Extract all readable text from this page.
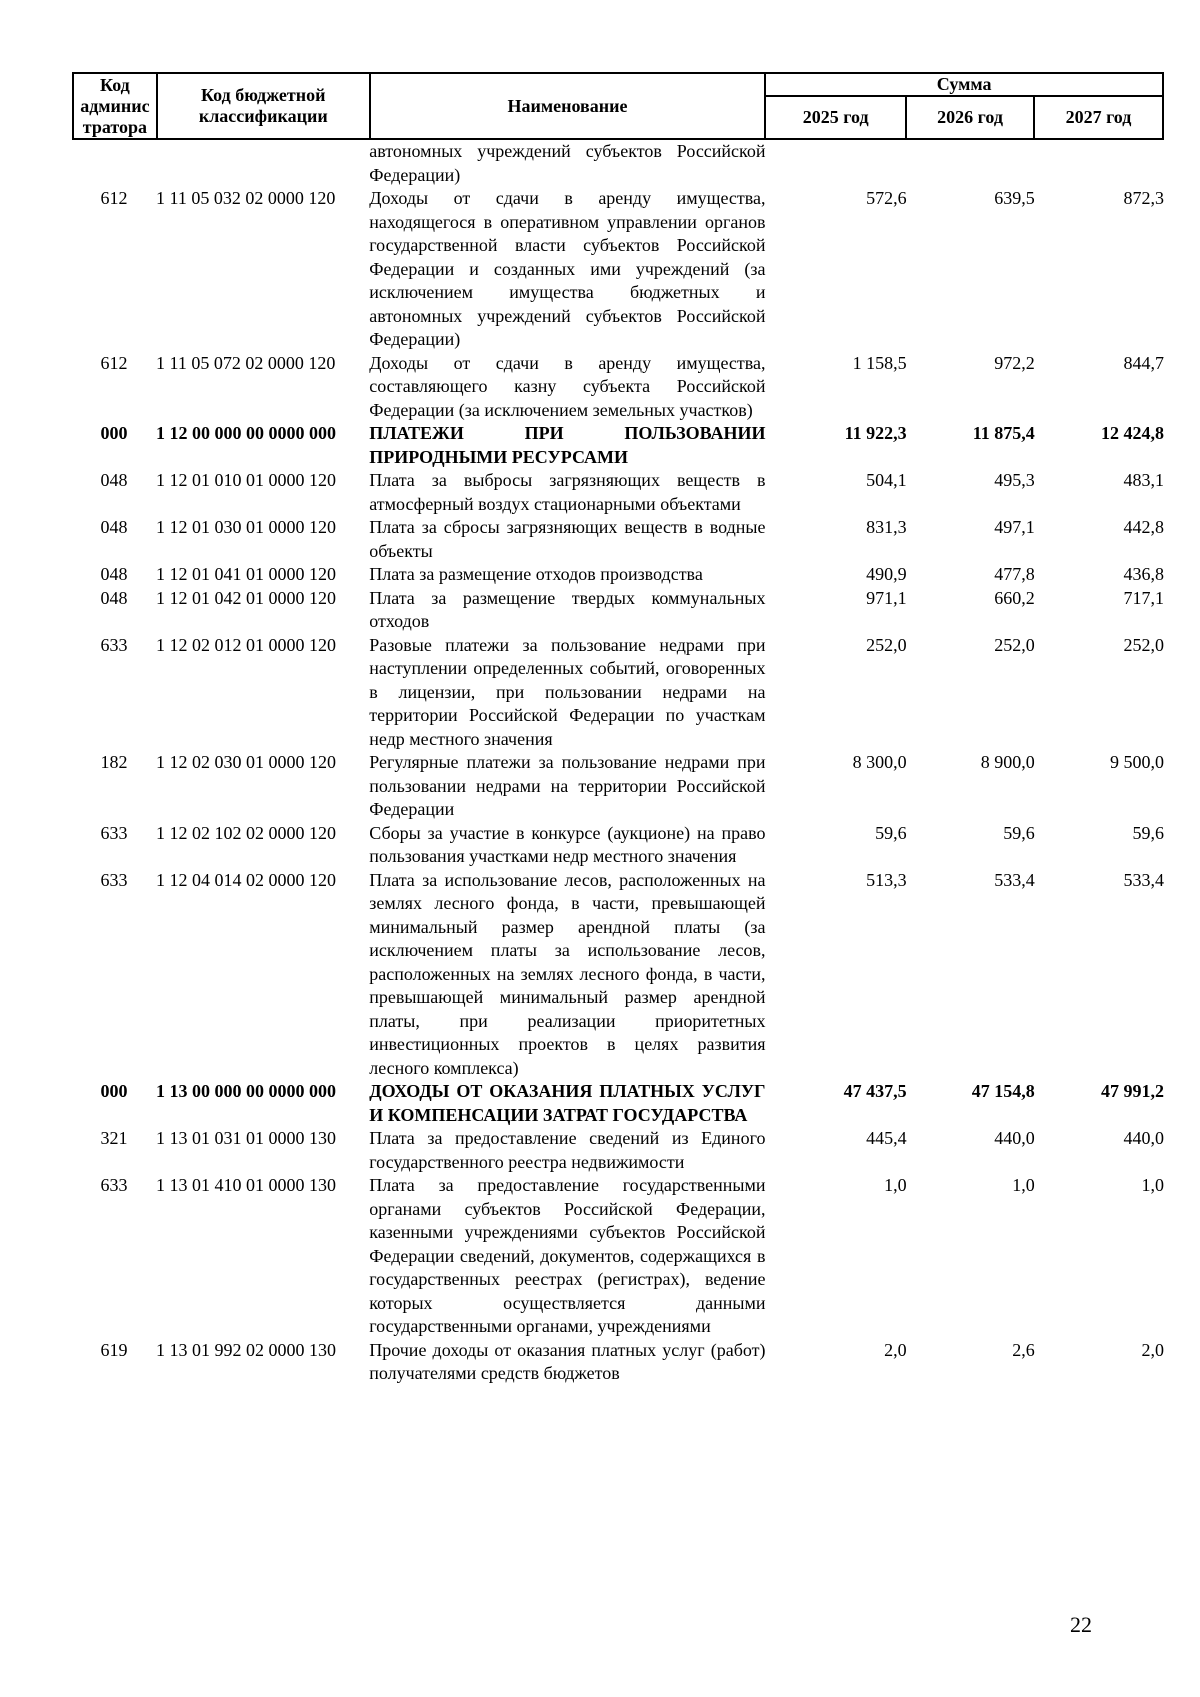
Код админис тратора	Код бюджетной классификации	Наименование	Сумма		
			2025 год	2026 год	2027 год
		автономных учреждений субъектов Российской Федерации)			
612	1 11 05 032 02 0000 120	Доходы от сдачи в аренду имущества, находящегося в оперативном управлении органов государственной власти субъектов Российской Федерации и созданных ими учреждений (за исключением имущества бюджетных и автономных учреждений субъектов Российской Федерации)	572,6	639,5	872,3
612	1 11 05 072 02 0000 120	Доходы от сдачи в аренду имущества, составляющего казну субъекта Российской Федерации (за исключением земельных участков)	1 158,5	972,2	844,7
000	1 12 00 000 00 0000 000	ПЛАТЕЖИ ПРИ ПОЛЬЗОВАНИИ ПРИРОДНЫМИ РЕСУРСАМИ	11 922,3	11 875,4	12 424,8
048	1 12 01 010 01 0000 120	Плата за выбросы загрязняющих веществ в атмосферный воздух стационарными объектами	504,1	495,3	483,1
048	1 12 01 030 01 0000 120	Плата за сбросы загрязняющих веществ в водные объекты	831,3	497,1	442,8
048	1 12 01 041 01 0000 120	Плата за размещение отходов производства	490,9	477,8	436,8
048	1 12 01 042 01 0000 120	Плата за размещение твердых коммунальных отходов	971,1	660,2	717,1
633	1 12 02 012 01 0000 120	Разовые платежи за пользование недрами при наступлении определенных событий, оговоренных в лицензии, при пользовании недрами на территории Российской Федерации по участкам недр местного значения	252,0	252,0	252,0
182	1 12 02 030 01 0000 120	Регулярные платежи за пользование недрами при пользовании недрами на территории Российской Федерации	8 300,0	8 900,0	9 500,0
633	1 12 02 102 02 0000 120	Сборы за участие в конкурсе (аукционе) на право пользования участками недр местного значения	59,6	59,6	59,6
633	1 12 04 014 02 0000 120	Плата за использование лесов, расположенных на землях лесного фонда, в части, превышающей минимальный размер арендной платы (за исключением платы за использование лесов, расположенных на землях лесного фонда, в части, превышающей минимальный размер арендной платы, при реализации приоритетных инвестиционных проектов в целях развития лесного комплекса)	513,3	533,4	533,4
000	1 13 00 000 00 0000 000	ДОХОДЫ ОТ ОКАЗАНИЯ ПЛАТНЫХ УСЛУГ И КОМПЕНСАЦИИ ЗАТРАТ ГОСУДАРСТВА	47 437,5	47 154,8	47 991,2
321	1 13 01 031 01 0000 130	Плата за предоставление сведений из Единого государственного реестра недвижимости	445,4	440,0	440,0
633	1 13 01 410 01 0000 130	Плата за предоставление государственными органами субъектов Российской Федерации, казенными учреждениями субъектов Российской Федерации сведений, документов, содержащихся в государственных реестрах (регистрах), ведение которых осуществляется данными государственными органами, учреждениями	1,0	1,0	1,0
619	1 13 01 992 02 0000 130	Прочие доходы от оказания платных услуг (работ) получателями средств бюджетов	2,0	2,6	2,0
22
